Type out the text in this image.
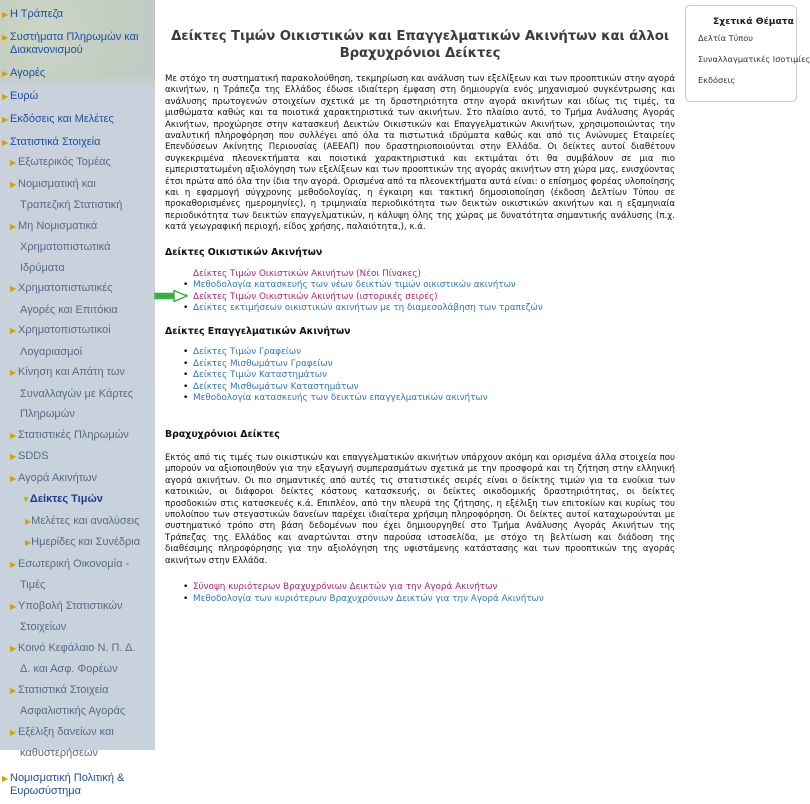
▶ Η Τράπεζα
▶ Συστήματα Πληρωμών και Διακανονισμού
▶ Αγορές
▶ Ευρώ
▶ Εκδόσεις και Μελέτες
▶ Στατιστικά Στοιχεία
▶ Εξωτερικός Τομέας
▶ Νομισματική και
Τραπεζική Στατιστική
▶ Μη Νομισματικά
Χρηματοπιστωτικά Ιδρύματα
▶ Χρηματοπιστωτικές
Αγορές και Επιτόκια
▶ Χρηματοπιστωτικοί
Λογαριασμοί
▶ Κίνηση και Απάτη των
Συναλλαγών με Κάρτες Πληρωμών
▶ Στατιστικές Πληρωμών
▶ SDDS
▶ Αγορά Ακινήτων
▼Δείκτες Τιμών
▶Μελέτες και αναλύσεις
▶Ημερίδες και Συνέδρια
▶ Εσωτερική Οικονομία -
Τιμές
▶ Υποβολή Στατιστικών
Στοιχείων
▶ Κοινό Κεφάλαιο Ν. Π. Δ.
Δ. και Ασφ. Φορέων
▶ Στατιστικά Στοιχεία
Ασφαλιστικής Αγοράς
▶ Εξέλιξη δανείων και
καθυστερήσεων
▶ Νομισματική Πολιτική & Ευρωσύστημα
Δείκτες Τιμών Οικιστικών και Επαγγελματικών Ακινήτων και άλλοι Βραχυχρόνιοι Δείκτες

Με στόχο τη συστηματική παρακολούθηση, τεκμηρίωση και ανάλυση των εξελίξεων και των προοπτικών στην αγορά ακινήτων, η Τράπεζα της Ελλάδος έδωσε ιδιαίτερη έμφαση στη δημιουργία ενός μηχανισμού συγκέντρωσης και ανάλυσης πρωτογενών στοιχείων σχετικά με τη δραστηριότητα στην αγορά ακινήτων και ιδίως τις τιμές, τα μισθώματα καθώς και τα ποιοτικά χαρακτηριστικά των ακινήτων. Στο πλαίσιο αυτό, το Τμήμα Ανάλυσης Αγοράς Ακινήτων, προχώρησε στην κατασκευή Δεικτών Οικιστικών και Επαγγελματικών Ακινήτων, χρησιμοποιώντας την αναλυτική πληροφόρηση που συλλέγει από όλα τα πιστωτικά ιδρύματα καθώς και από τις Ανώνυμες Εταιρείες Επενδύσεων Ακίνητης Περιουσίας (ΑΕΕΑΠ) που δραστηριοποιούνται στην Ελλάδα. Οι δείκτες αυτοί διαθέτουν συγκεκριμένα πλεονεκτήματα και ποιοτικά χαρακτηριστικά και εκτιμάται ότι θα συμβάλουν σε μια πιο εμπεριστατωμένη αξιολόγηση των εξελίξεων και των προοπτικών της αγοράς ακινήτων στη χώρα μας, ενισχύοντας έτσι πρώτα από όλα την ίδια την αγορά. Ορισμένα από τα πλεονεκτήματα αυτά είναι: ο επίσημος φορέας υλοποίησης και η εφαρμογή σύγχρονης μεθοδολογίας, η έγκαιρη και τακτική δημοσιοποίηση (έκδοση Δελτίων Τύπου σε προκαθορισμένες ημερομηνίες), η τριμηνιαία περιοδικότητα των δεικτών οικιστικών ακινήτων και η εξαμηνιαία περιοδικότητα των δεικτών επαγγελματικών, η κάλυψη όλης της χώρας με δυνατότητα σημαντικής ανάλυσης (π.χ. κατά γεωγραφική περιοχή, είδος χρήσης, παλαιότητα,), κ.ά.

Δείκτες Οικιστικών Ακινήτων
Δείκτες Τιμών Οικιστικών Ακινήτων (Νέοι Πίνακες)
• Μεθοδολογία κατασκευής των νέων δεικτών τιμών οικιστικών ακινήτων
• Δείκτες Τιμών Οικιστικών Ακινήτων (ιστορικές σειρές)
• Δείκτες εκτιμήσεων οικιστικών ακινήτων με τη διαμεσολάβηση των τραπεζών
Δείκτες Επαγγελματικών Ακινήτων
• Δείκτες Τιμών Γραφείων
• Δείκτες Μισθωμάτων Γραφείων
• Δείκτες Τιμών Καταστημάτων
• Δείκτες Μισθωμάτων Καταστημάτων
• Μεθοδολογία κατασκευής των δεικτών επαγγελματικών ακινήτων
Βραχυχρόνιοι Δείκτες

Εκτός από τις τιμές των οικιστικών και επαγγελματικών ακινήτων υπάρχουν ακόμη και ορισμένα άλλα στοιχεία που μπορούν να αξιοποιηθούν για την εξαγωγή συμπερασμάτων σχετικά με την προσφορά και τη ζήτηση στην ελληνική αγορά ακινήτων. Οι πιο σημαντικές από αυτές τις στατιστικές σειρές είναι ο δείκτης τιμών για τα ενοίκια των κατοικιών, οι διάφοροι δείκτες κόστους κατασκευής, οι δείκτες οικοδομικής δραστηριότητας, οι δείκτες προσδοκιών στις κατασκευές κ.ά. Επιπλέον, από την πλευρά της ζήτησης, η εξέλιξη των επιτοκίων και κυρίως του υπολοίπου των στεγαστικών δανείων παρέχει ιδιαίτερα χρήσιμη πληροφόρηση. Οι δείκτες αυτοί καταχωρούνται με συστηματικό τρόπο στη βάση δεδομένων που έχει δημιουργηθεί στο Τμήμα Ανάλυσης Αγοράς Ακινήτων της Τράπεζας της Ελλάδος και αναρτώνται στην παρούσα ιστοσελίδα, με στόχο τη βελτίωση και διάδοση της διαθέσιμης πληροφόρησης για την αξιολόγηση της υφιστάμενης κατάστασης και των προοπτικών της αγοράς ακινήτων στην Ελλάδα.

• Σύνοψη κυριότερων Βραχυχρόνιων Δεικτών για την Αγορά Ακινήτων
• Μεθοδολογία των κυριότερων Βραχυχρόνιων Δεικτών για την Αγορά Ακινήτων
Σχετικά Θέματα
Δελτία Τύπου
Συναλλαγματικές Ισοτιμίες
Εκδόσεις
